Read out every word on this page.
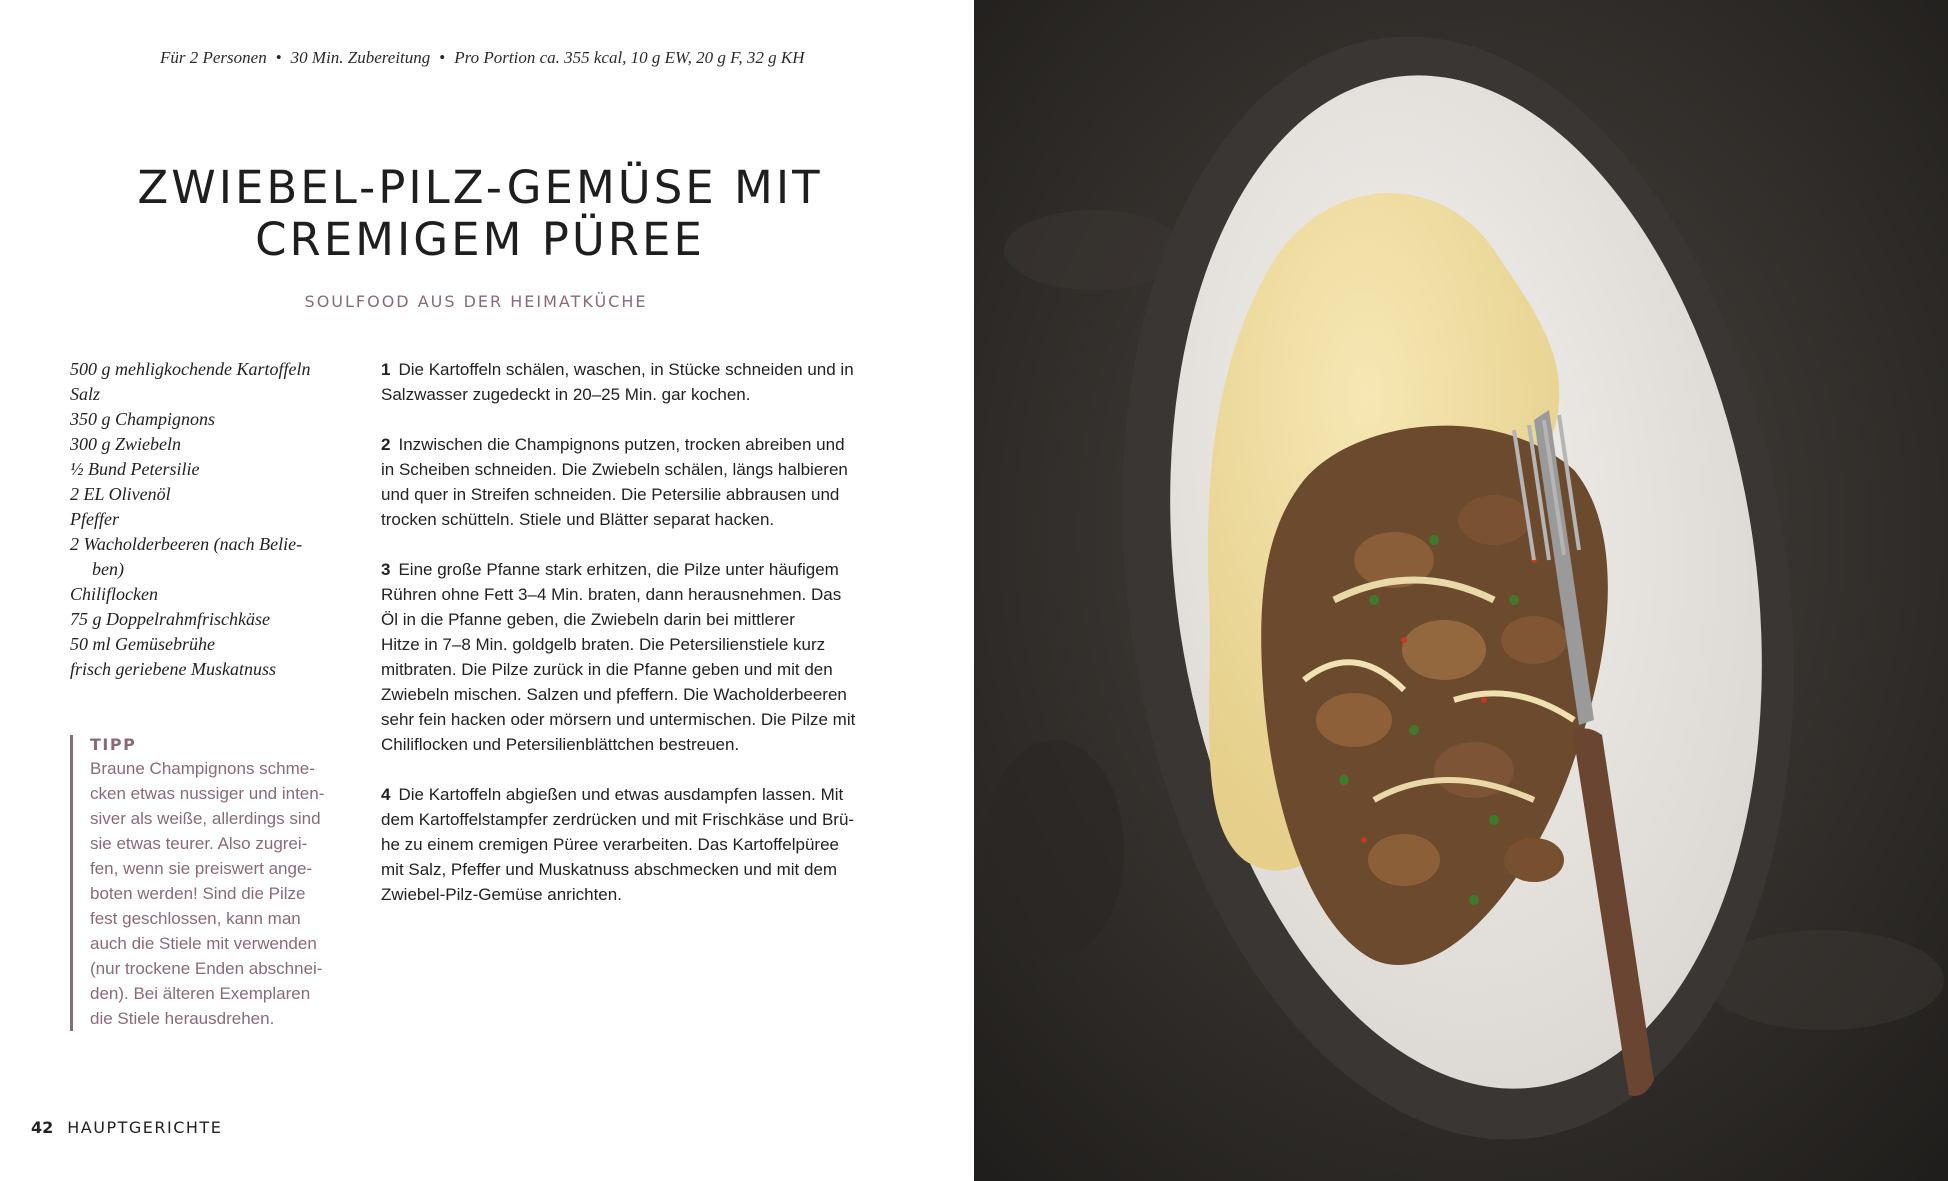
Für 2 Personen • 30 Min. Zubereitung • Pro Portion ca. 355 kcal, 10 g EW, 20 g F, 32 g KH
ZWIEBEL-PILZ-GEMÜSE MIT
CREMIGEM PÜREE
SOULFOOD AUS DER HEIMATKÜCHE
500 g mehligkochende Kartoffeln
Salz
350 g Champignons
300 g Zwiebeln
½ Bund Petersilie
2 EL Olivenöl
Pfeffer
2 Wacholderbeeren (nach Belie-
ben)
Chiliflocken
75 g Doppelrahmfrischkäse
50 ml Gemüsebrühe
frisch geriebene Muskatnuss
TIPP
Braune Champignons schme-
cken etwas nussiger und inten-
siver als weiße, allerdings sind
sie etwas teurer. Also zugrei-
fen, wenn sie preiswert ange-
boten werden! Sind die Pilze
fest geschlossen, kann man
auch die Stiele mit verwenden
(nur trockene Enden abschnei-
den). Bei älteren Exemplaren
die Stiele herausdrehen.
1 Die Kartoffeln schälen, waschen, in Stücke schneiden und in
Salzwasser zugedeckt in 20–25 Min. gar kochen.
2 Inzwischen die Champignons putzen, trocken abreiben und
in Scheiben schneiden. Die Zwiebeln schälen, längs halbieren
und quer in Streifen schneiden. Die Petersilie abbrausen und
trocken schütteln. Stiele und Blätter separat hacken.
3 Eine große Pfanne stark erhitzen, die Pilze unter häufigem
Rühren ohne Fett 3–4 Min. braten, dann herausnehmen. Das
Öl in die Pfanne geben, die Zwiebeln darin bei mittlerer
Hitze in 7–8 Min. goldgelb braten. Die Petersilienstiele kurz
mitbraten. Die Pilze zurück in die Pfanne geben und mit den
Zwiebeln mischen. Salzen und pfeffern. Die Wacholderbeeren
sehr fein hacken oder mörsern und untermischen. Die Pilze mit
Chiliflocken und Petersilienblättchen bestreuen.
4 Die Kartoffeln abgießen und etwas ausdampfen lassen. Mit
dem Kartoffelstampfer zerdrücken und mit Frischkäse und Brü-
he zu einem cremigen Püree verarbeiten. Das Kartoffelpüree
mit Salz, Pfeffer und Muskatnuss abschmecken und mit dem
Zwiebel-Pilz-Gemüse anrichten.
42 HAUPTGERICHTE
